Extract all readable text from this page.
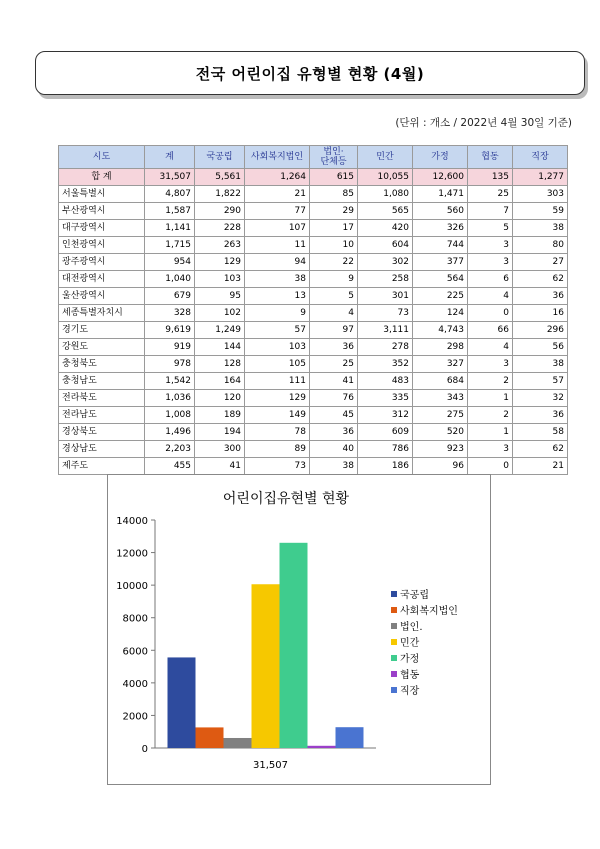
전국 어린이집 유형별 현황 (4월)
(단위 : 개소 / 2022년 4월 30일 기준)
시도	계	국공립	사회복지법인	법인·
단체등	민간	가정	협동	직장
합 계	31,507	5,561	1,264	615	10,055	12,600	135	1,277
서울특별시	4,807	1,822	21	85	1,080	1,471	25	303
부산광역시	1,587	290	77	29	565	560	7	59
대구광역시	1,141	228	107	17	420	326	5	38
인천광역시	1,715	263	11	10	604	744	3	80
광주광역시	954	129	94	22	302	377	3	27
대전광역시	1,040	103	38	9	258	564	6	62
울산광역시	679	95	13	5	301	225	4	36
세종특별자치시	328	102	9	4	73	124	0	16
경기도	9,619	1,249	57	97	3,111	4,743	66	296
강원도	919	144	103	36	278	298	4	56
충청북도	978	128	105	25	352	327	3	38
충청남도	1,542	164	111	41	483	684	2	57
전라북도	1,036	120	129	76	335	343	1	32
전라남도	1,008	189	149	45	312	275	2	36
경상북도	1,496	194	78	36	609	520	1	58
경상남도	2,203	300	89	40	786	923	3	62
제주도	455	41	73	38	186	96	0	21
어린이집유현별 현황
0
2000
4000
6000
8000
10000
12000
14000
31,507
국공립
사회복지법인
법인.
민간
가정
협동
직장
